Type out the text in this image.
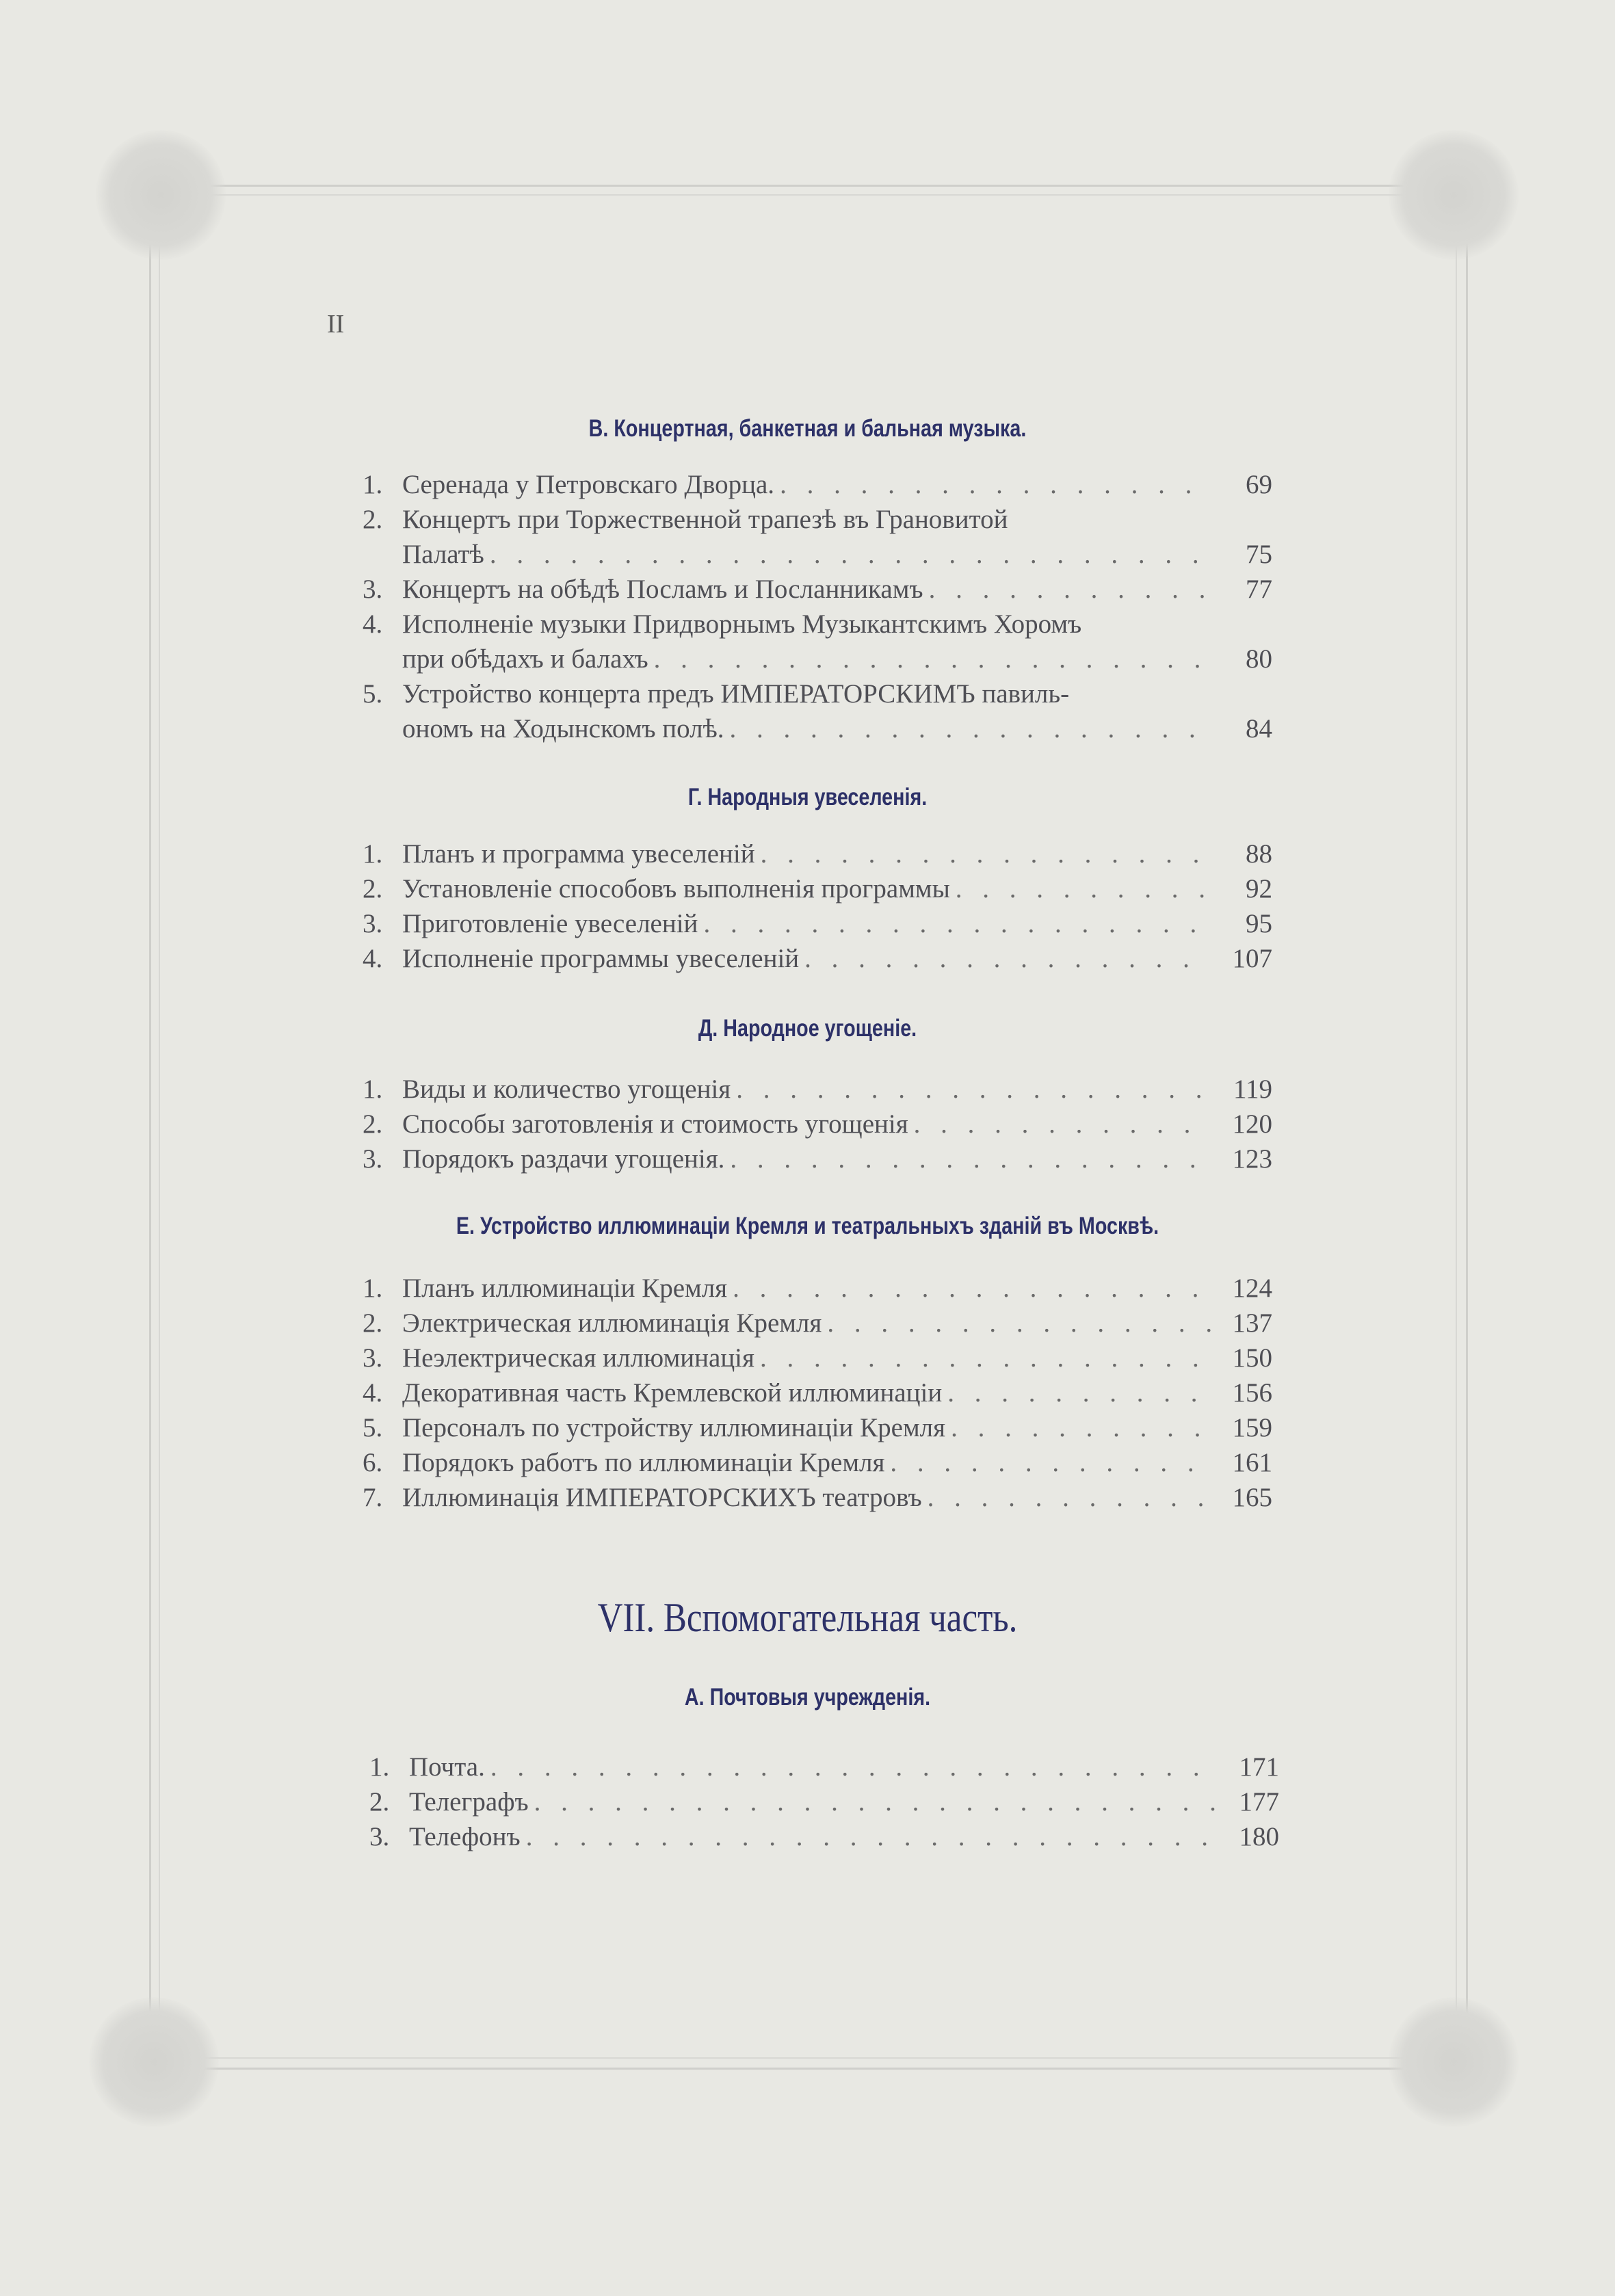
II
В. Концертная, банкетная и бальная музыка.
1. Серенада у Петровскаго Дворца. . . .	69
2. Концертъ при Торжественной трапезѣ въ Грановитой
Палатѣ . . .	75
3. Концертъ на обѣдѣ Посламъ и Посланникамъ . . .	77
4. Исполненіе музыки Придворнымъ Музыкантскимъ Хоромъ
при обѣдахъ и балахъ . . .	80
5. Устройство концерта предъ ИМПЕРАТОРСКИМЪ павиль-
ономъ на Ходынскомъ полѣ. . . .	84
Г. Народныя увеселенія.
1. Планъ и программа увеселеній . . .	88
2. Установленіе способовъ выполненія программы . . .	92
3. Приготовленіе увеселеній . . .	95
4. Исполненіе программы увеселеній . . .	107
Д. Народное угощеніе.
1. Виды и количество угощенія . . .	119
2. Способы заготовленія и стоимость угощенія . . .	120
3. Порядокъ раздачи угощенія. . . .	123
Е. Устройство иллюминаціи Кремля и театральныхъ зданій въ Москвѣ.
1. Планъ иллюминаціи Кремля . . .	124
2. Электрическая иллюминація Кремля . . .	137
3. Неэлектрическая иллюминація . . .	150
4. Декоративная часть Кремлевской иллюминаціи . . .	156
5. Персоналъ по устройству иллюминаціи Кремля . . .	159
6. Порядокъ работъ по иллюминаціи Кремля . . .	161
7. Иллюминація ИМПЕРАТОРСКИХЪ театровъ . . .	165
VII. Вспомогательная часть.
А. Почтовыя учрежденія.
1. Почта. . . .	171
2. Телеграфъ . . .	177
3. Телефонъ . . .	180
